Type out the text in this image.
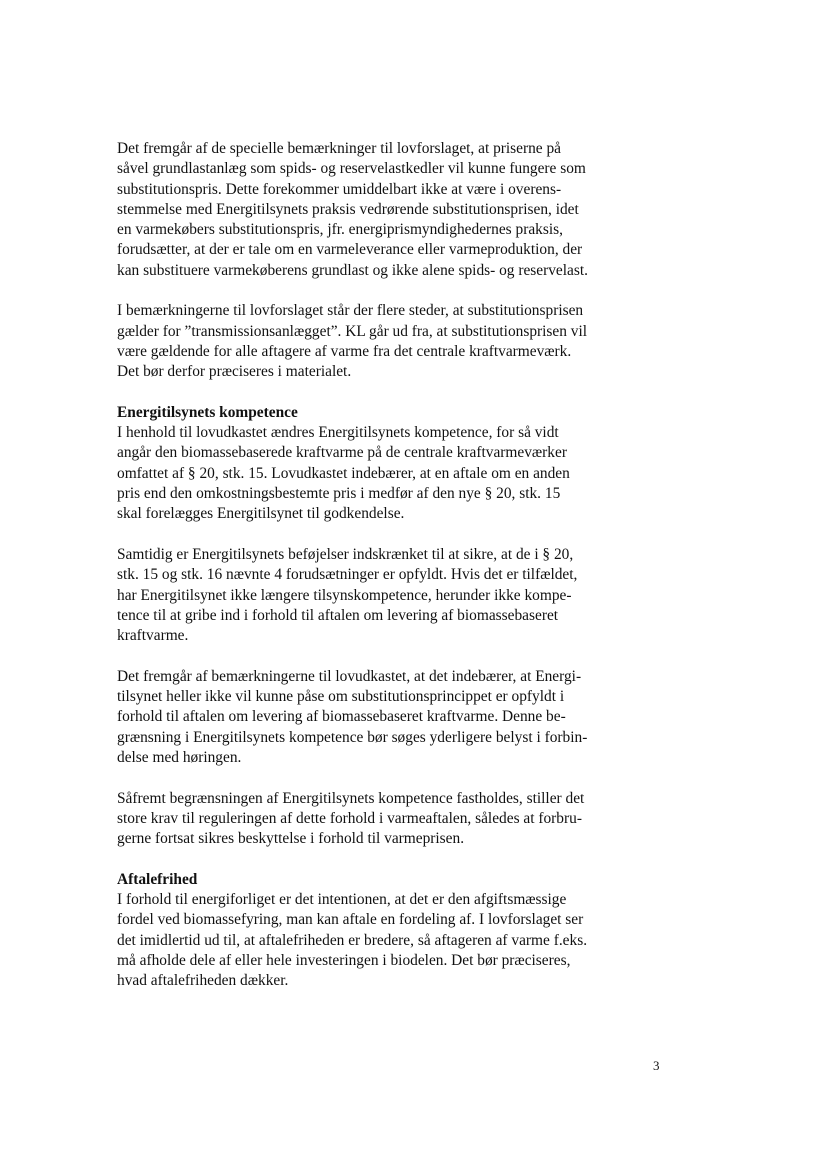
Det fremgår af de specielle bemærkninger til lovforslaget, at priserne på
såvel grundlastanlæg som spids- og reservelastkedler vil kunne fungere som
substitutionspris. Dette forekommer umiddelbart ikke at være i overens-
stemmelse med Energitilsynets praksis vedrørende substitutionsprisen, idet
en varmekøbers substitutionspris, jfr. energiprismyndighedernes praksis,
forudsætter, at der er tale om en varmeleverance eller varmeproduktion, der
kan substituere varmekøberens grundlast og ikke alene spids- og reservelast.
I bemærkningerne til lovforslaget står der flere steder, at substitutionsprisen
gælder for ”transmissionsanlægget”. KL går ud fra, at substitutionsprisen vil
være gældende for alle aftagere af varme fra det centrale kraftvarmeværk.
Det bør derfor præciseres i materialet.
Energitilsynets kompetence
I henhold til lovudkastet ændres Energitilsynets kompetence, for så vidt
angår den biomassebaserede kraftvarme på de centrale kraftvarmeværker
omfattet af § 20, stk. 15. Lovudkastet indebærer, at en aftale om en anden
pris end den omkostningsbestemte pris i medfør af den nye § 20, stk. 15
skal forelægges Energitilsynet til godkendelse.
Samtidig er Energitilsynets beføjelser indskrænket til at sikre, at de i § 20,
stk. 15 og stk. 16 nævnte 4 forudsætninger er opfyldt. Hvis det er tilfældet,
har Energitilsynet ikke længere tilsynskompetence, herunder ikke kompe-
tence til at gribe ind i forhold til aftalen om levering af biomassebaseret
kraftvarme.
Det fremgår af bemærkningerne til lovudkastet, at det indebærer, at Energi-
tilsynet heller ikke vil kunne påse om substitutionsprincippet er opfyldt i
forhold til aftalen om levering af biomassebaseret kraftvarme. Denne be-
grænsning i Energitilsynets kompetence bør søges yderligere belyst i forbin-
delse med høringen.
Såfremt begrænsningen af Energitilsynets kompetence fastholdes, stiller det
store krav til reguleringen af dette forhold i varmeaftalen, således at forbru-
gerne fortsat sikres beskyttelse i forhold til varmeprisen.
Aftalefrihed
I forhold til energiforliget er det intentionen, at det er den afgiftsmæssige
fordel ved biomassefyring, man kan aftale en fordeling af. I lovforslaget ser
det imidlertid ud til, at aftalefriheden er bredere, så aftageren af varme f.eks.
må afholde dele af eller hele investeringen i biodelen. Det bør præciseres,
hvad aftalefriheden dækker.
3
